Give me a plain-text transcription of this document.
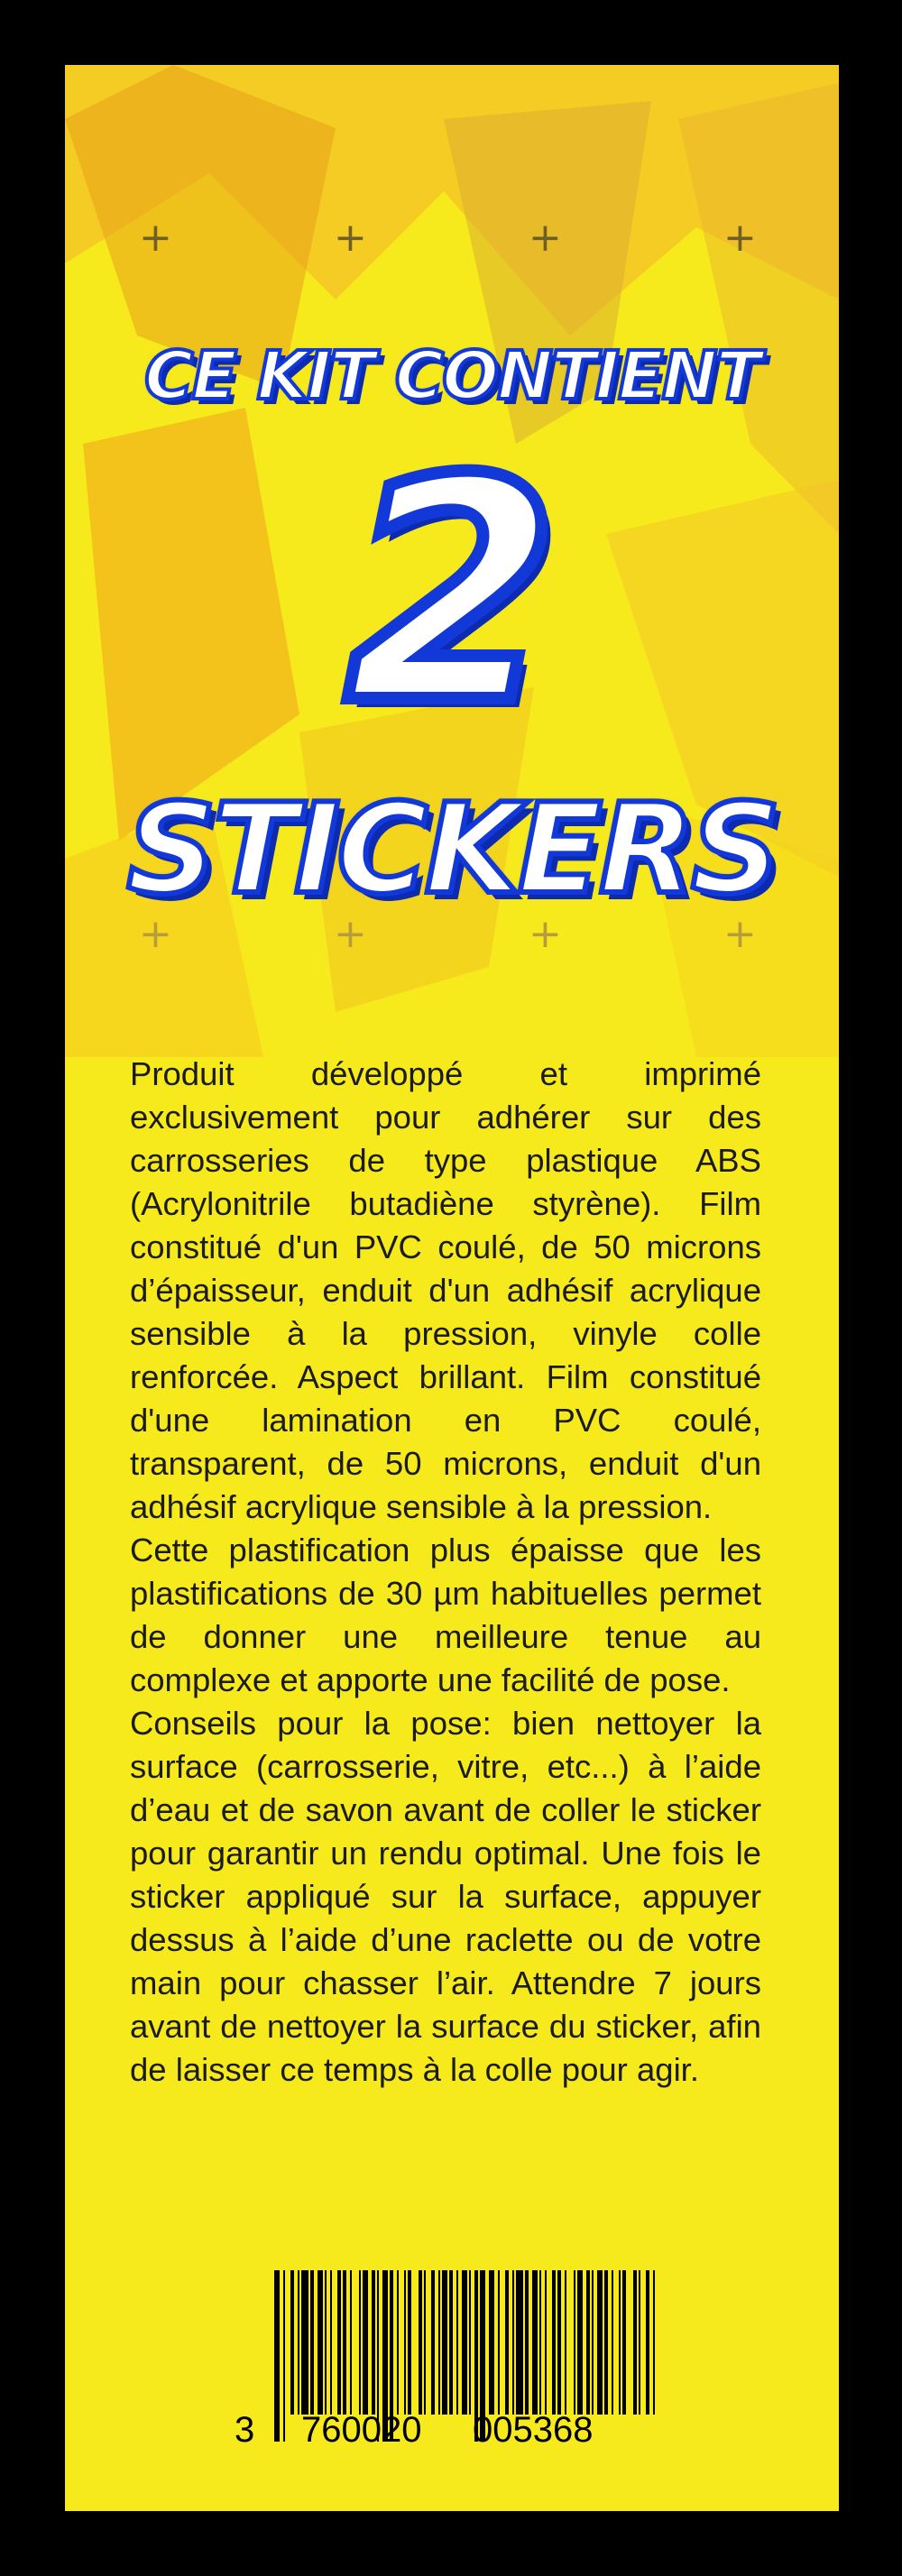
+	+	+	+
+	+	+	+
CE KIT CONTIENT
2
STICKERS

Produit développé et imprimé exclusivement pour adhérer sur des carrosseries de type plastique ABS (Acrylonitrile butadiène styrène). Film constitué d'un PVC coulé, de 50 microns d’épaisseur, enduit d'un adhésif acrylique sensible à la pression, vinyle colle renforcée. Aspect brillant. Film constitué d'une lamination en PVC coulé, transparent, de 50 microns, enduit d'un adhésif acrylique sensible à la pression.

Cette plastification plus épaisse que les plastifications de 30 µm habituelles permet de donner une meilleure tenue au complexe et apporte une facilité de pose.

Conseils pour la pose: bien nettoyer la surface (carrosserie, vitre, etc...) à l’aide d’eau et de savon avant de coller le sticker pour garantir un rendu optimal. Une fois le sticker appliqué sur la surface, appuyer dessus à l’aide d’une raclette ou de votre main pour chasser l’air. Attendre 7 jours avant de nettoyer la surface du sticker, afin de laisser ce temps à la colle pour agir.

3 760020 005368
